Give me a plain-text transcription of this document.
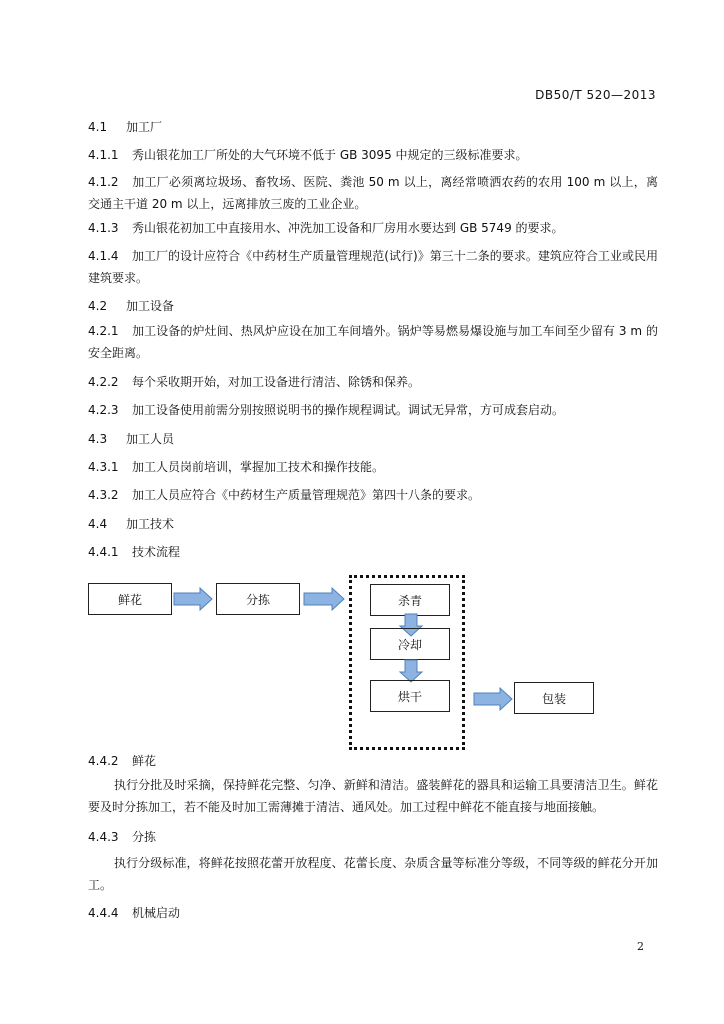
DB50/T 520—2013
4.1 加工厂
4.1.1 秀山银花加工厂所处的大气环境不低于 GB 3095 中规定的三级标准要求。
4.1.2 加工厂必须离垃圾场、畜牧场、医院、粪池 50 m 以上，离经常喷洒农药的农用 100 m 以上，离交通主干道 20 m 以上，远离排放三废的工业企业。
4.1.3 秀山银花初加工中直接用水、冲洗加工设备和厂房用水要达到 GB 5749 的要求。
4.1.4 加工厂的设计应符合《中药材生产质量管理规范(试行)》第三十二条的要求。建筑应符合工业或民用建筑要求。
4.2 加工设备
4.2.1 加工设备的炉灶间、热风炉应设在加工车间墙外。锅炉等易燃易爆设施与加工车间至少留有 3 m 的安全距离。
4.2.2 每个采收期开始，对加工设备进行清洁、除锈和保养。
4.2.3 加工设备使用前需分别按照说明书的操作规程调试。调试无异常，方可成套启动。
4.3 加工人员
4.3.1 加工人员岗前培训，掌握加工技术和操作技能。
4.3.2 加工人员应符合《中药材生产质量管理规范》第四十八条的要求。
4.4 加工技术
4.4.1 技术流程
鲜花	分拣	杀青
冷却
烘干	包装
4.4.2 鲜花
执行分批及时采摘，保持鲜花完整、匀净、新鲜和清洁。盛装鲜花的器具和运输工具要清洁卫生。鲜花要及时分拣加工，若不能及时加工需薄摊于清洁、通风处。加工过程中鲜花不能直接与地面接触。
4.4.3 分拣
执行分级标准，将鲜花按照花蕾开放程度、花蕾长度、杂质含量等标准分等级，不同等级的鲜花分开加工。
4.4.4 机械启动
2
